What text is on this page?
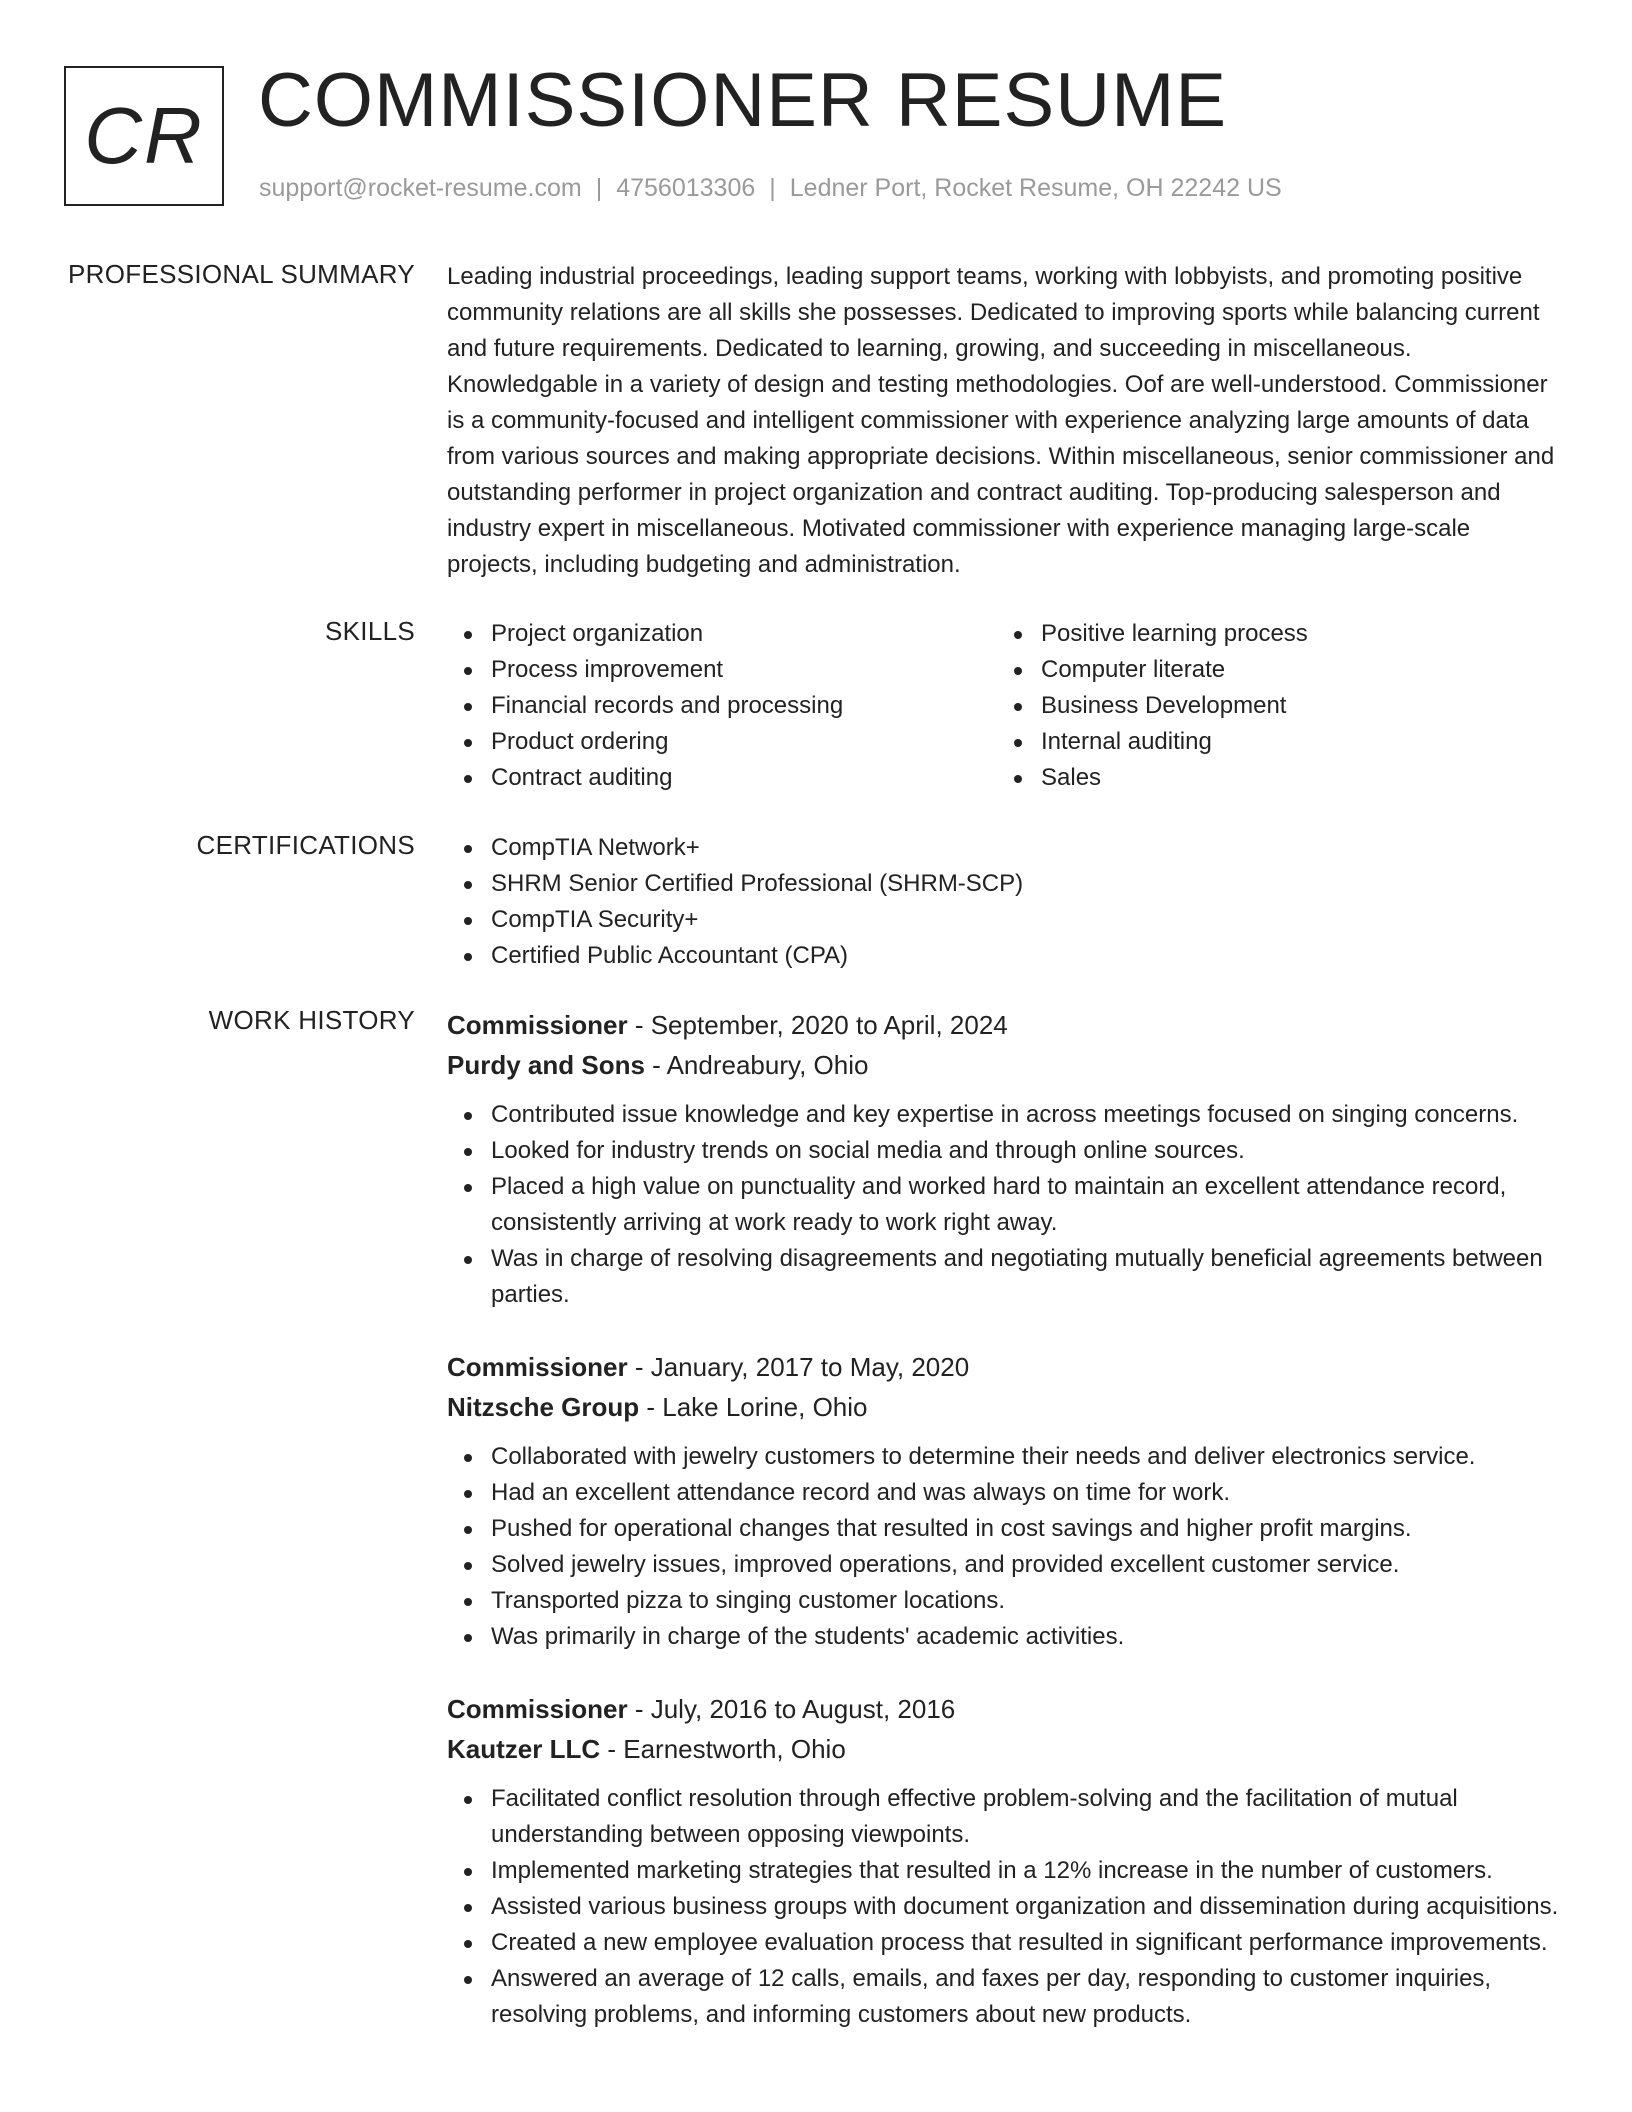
CR COMMISSIONER RESUME
support@rocket-resume.com | 4756013306 | Ledner Port, Rocket Resume, OH 22242 US
PROFESSIONAL SUMMARY Leading industrial proceedings, leading support teams, working with lobbyists, and promoting positive community relations are all skills she possesses. Dedicated to improving sports while balancing current and future requirements. Dedicated to learning, growing, and succeeding in miscellaneous. Knowledgable in a variety of design and testing methodologies. Oof are well-understood. Commissioner is a community-focused and intelligent commissioner with experience analyzing large amounts of data from various sources and making appropriate decisions. Within miscellaneous, senior commissioner and outstanding performer in project organization and contract auditing. Top-producing salesperson and industry expert in miscellaneous. Motivated commissioner with experience managing large-scale projects, including budgeting and administration.

SKILLS	Project organization
Process improvement
Financial records and processing
Product ordering
Contract auditing
Positive learning process
Computer literate
Business Development
Internal auditing
Sales
CERTIFICATIONS	CompTIA Network+
SHRM Senior Certified Professional (SHRM-SCP)
CompTIA Security+
Certified Public Accountant (CPA)
WORK HISTORY Commissioner - September, 2020 to April, 2024
Purdy and Sons - Andreabury, Ohio
Contributed issue knowledge and key expertise in across meetings focused on singing concerns.
Looked for industry trends on social media and through online sources.
Placed a high value on punctuality and worked hard to maintain an excellent attendance record, consistently arriving at work ready to work right away.
Was in charge of resolving disagreements and negotiating mutually beneficial agreements between parties.
Commissioner - January, 2017 to May, 2020
Nitzsche Group - Lake Lorine, Ohio
Collaborated with jewelry customers to determine their needs and deliver electronics service.
Had an excellent attendance record and was always on time for work.
Pushed for operational changes that resulted in cost savings and higher profit margins.
Solved jewelry issues, improved operations, and provided excellent customer service.
Transported pizza to singing customer locations.
Was primarily in charge of the students' academic activities.
Commissioner - July, 2016 to August, 2016
Kautzer LLC - Earnestworth, Ohio
Facilitated conflict resolution through effective problem-solving and the facilitation of mutual understanding between opposing viewpoints.
Implemented marketing strategies that resulted in a 12% increase in the number of customers.
Assisted various business groups with document organization and dissemination during acquisitions.
Created a new employee evaluation process that resulted in significant performance improvements.
Answered an average of 12 calls, emails, and faxes per day, responding to customer inquiries, resolving problems, and informing customers about new products.
